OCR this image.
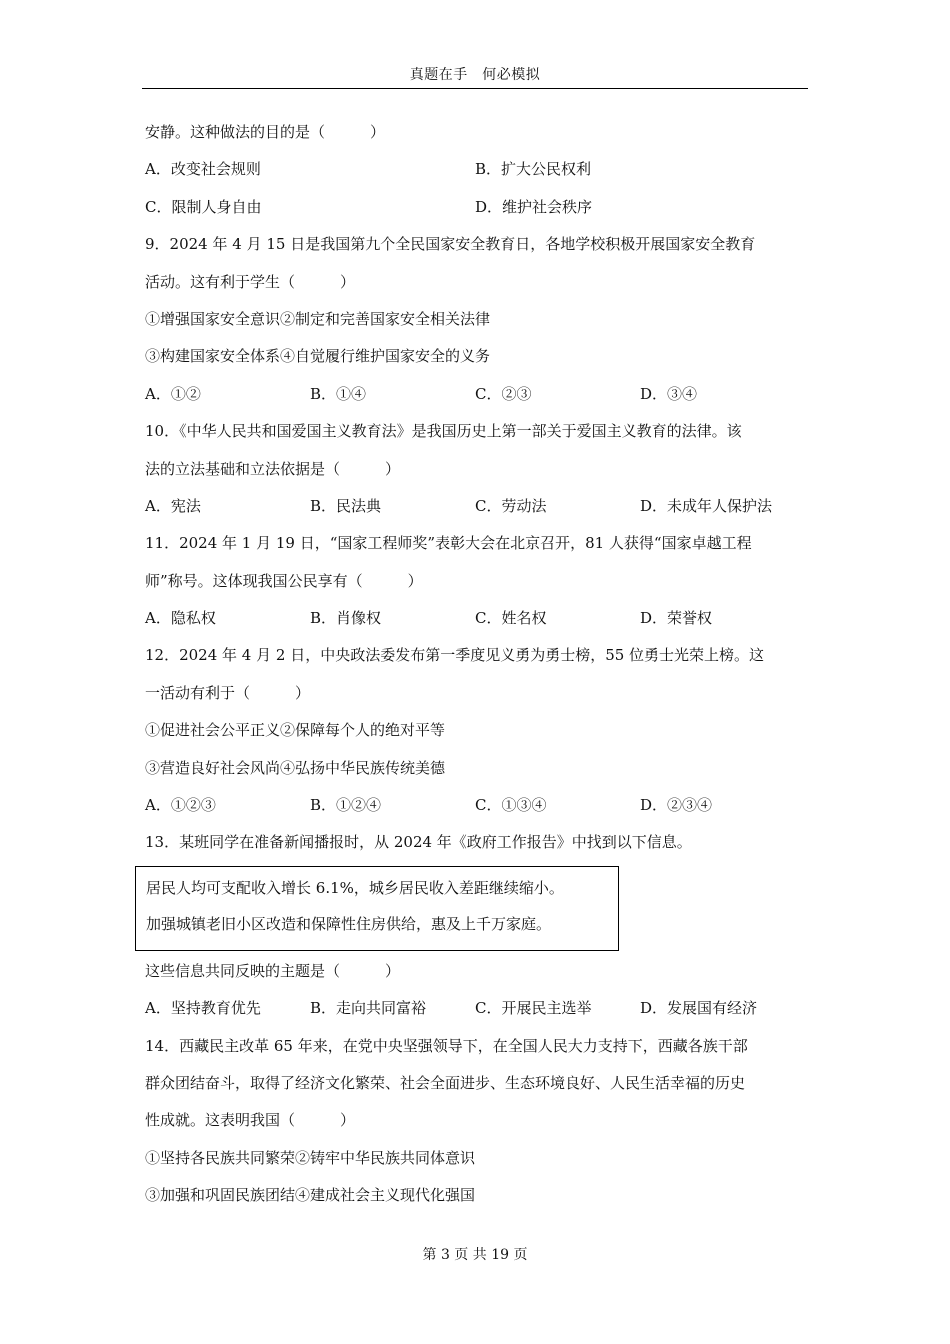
真题在手　何必模拟
安静。这种做法的目的是（　　　）
A．改变社会规则	B．扩大公民权利
C．限制人身自由	D．维护社会秩序
9．2024 年 4 月 15 日是我国第九个全民国家安全教育日，各地学校积极开展国家安全教育
活动。这有利于学生（　　　）
①增强国家安全意识②制定和完善国家安全相关法律
③构建国家安全体系④自觉履行维护国家安全的义务
A．①②	B．①④	C．②③	D．③④
10．《中华人民共和国爱国主义教育法》是我国历史上第一部关于爱国主义教育的法律。该
法的立法基础和立法依据是（　　　）
A．宪法	B．民法典	C．劳动法	D．未成年人保护法
11．2024 年 1 月 19 日，“国家工程师奖”表彰大会在北京召开，81 人获得“国家卓越工程
师”称号。这体现我国公民享有（　　　）
A．隐私权	B．肖像权	C．姓名权	D．荣誉权
12．2024 年 4 月 2 日，中央政法委发布第一季度见义勇为勇士榜，55 位勇士光荣上榜。这
一活动有利于（　　　）
①促进社会公平正义②保障每个人的绝对平等
③营造良好社会风尚④弘扬中华民族传统美德
A．①②③	B．①②④	C．①③④	D．②③④
13．某班同学在准备新闻播报时，从 2024 年《政府工作报告》中找到以下信息。
居民人均可支配收入增长 6.1%，城乡居民收入差距继续缩小。
加强城镇老旧小区改造和保障性住房供给，惠及上千万家庭。
这些信息共同反映的主题是（　　　）
A．坚持教育优先	B．走向共同富裕	C．开展民主选举	D．发展国有经济
14．西藏民主改革 65 年来，在党中央坚强领导下，在全国人民大力支持下，西藏各族干部
群众团结奋斗，取得了经济文化繁荣、社会全面进步、生态环境良好、人民生活幸福的历史
性成就。这表明我国（　　　）
①坚持各民族共同繁荣②铸牢中华民族共同体意识
③加强和巩固民族团结④建成社会主义现代化强国
第 3 页 共 19 页
